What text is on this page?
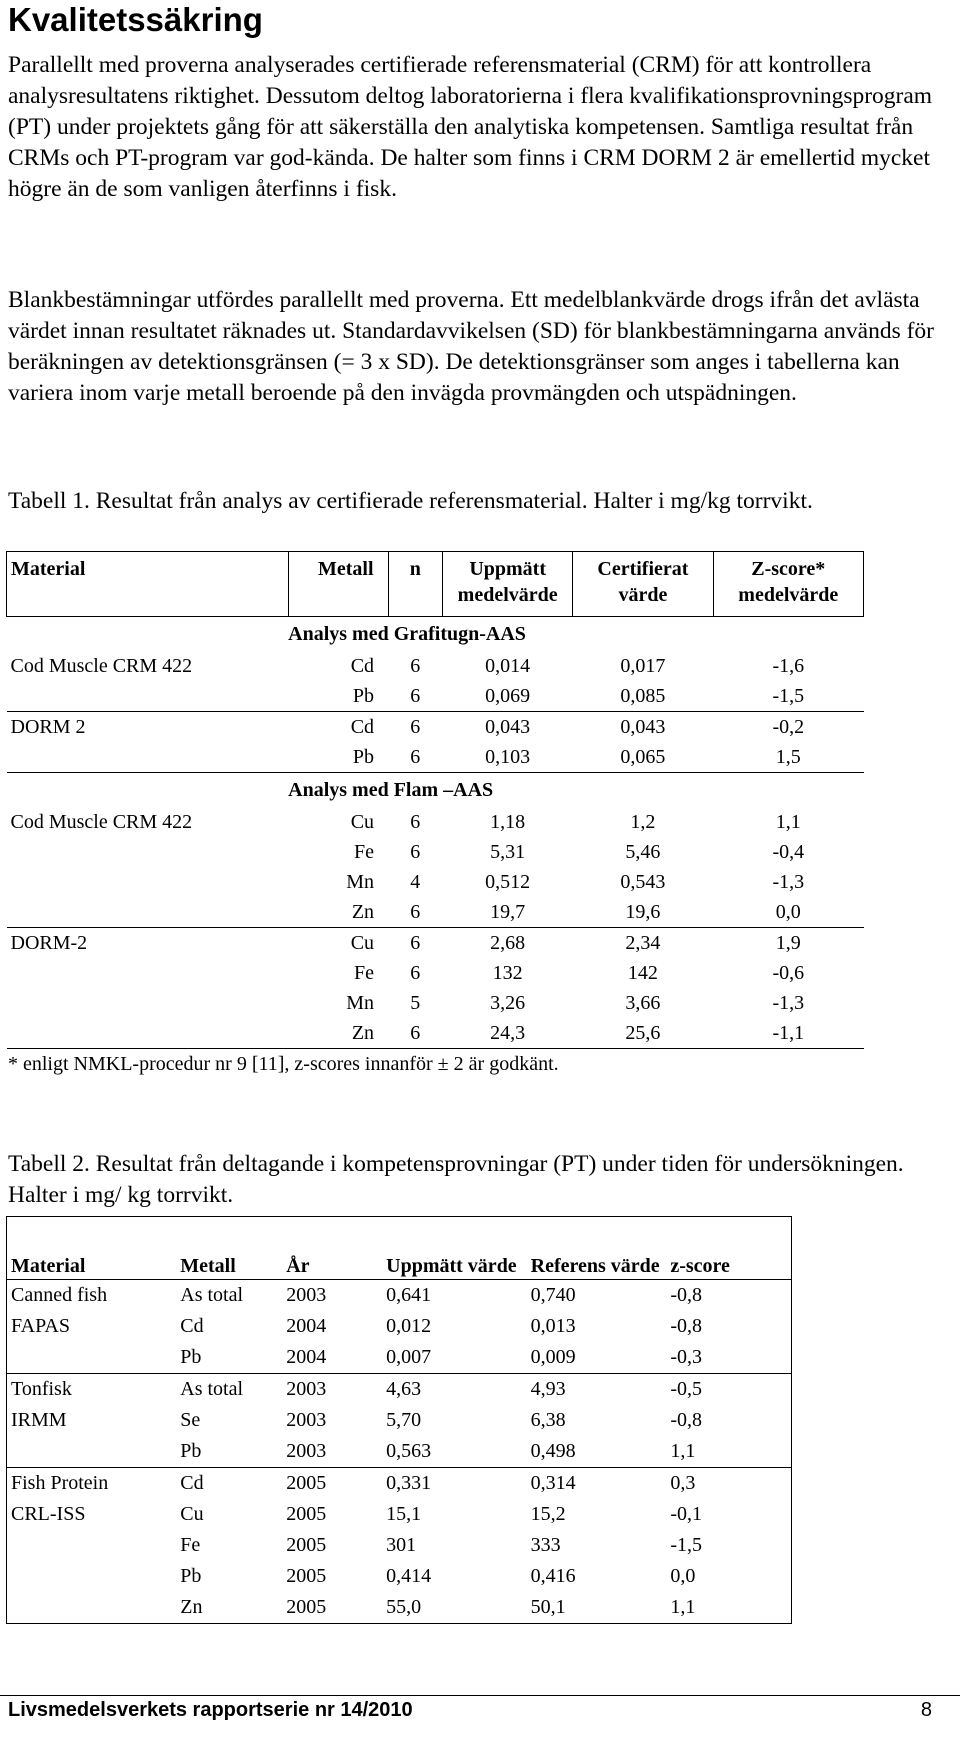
Kvalitetssäkring

Parallellt med proverna analyserades certifierade referensmaterial (CRM) för att kontrollera analysresultatens riktighet. Dessutom deltog laboratorierna i flera kvalifikationsprovningsprogram (PT) under projektets gång för att säkerställa den analytiska kompetensen. Samtliga resultat från CRMs och PT-program var god-kända. De halter som finns i CRM DORM 2 är emellertid mycket högre än de som vanligen återfinns i fisk.

Blankbestämningar utfördes parallellt med proverna. Ett medelblankvärde drogs ifrån det avlästa värdet innan resultatet räknades ut. Standardavvikelsen (SD) för blankbestämningarna används för beräkningen av detektionsgränsen (= 3 x SD). De detektionsgränser som anges i tabellerna kan variera inom varje metall beroende på den invägda provmängden och utspädningen.

Tabell 1. Resultat från analys av certifierade referensmaterial. Halter i mg/kg torrvikt.

Material	Metall	n	Uppmätt medelvärde	Certifierat värde	Z-score* medelvärde
	Analys med Grafitugn-AAS				
Cod Muscle CRM 422	Cd	6	0,014	0,017	-1,6
	Pb	6	0,069	0,085	-1,5
DORM 2	Cd	6	0,043	0,043	-0,2
	Pb	6	0,103	0,065	1,5
	Analys med Flam –AAS				
Cod Muscle CRM 422	Cu	6	1,18	1,2	1,1
	Fe	6	5,31	5,46	-0,4
	Mn	4	0,512	0,543	-1,3
	Zn	6	19,7	19,6	0,0
DORM-2	Cu	6	2,68	2,34	1,9
	Fe	6	132	142	-0,6
	Mn	5	3,26	3,66	-1,3
	Zn	6	24,3	25,6	-1,1

* enligt NMKL-procedur nr 9 [11], z-scores innanför ± 2 är godkänt.

Tabell 2. Resultat från deltagande i kompetensprovningar (PT) under tiden för undersökningen. Halter i mg/ kg torrvikt.

Material	Metall	År	Uppmätt värde	Referens värde	z-score
Canned fish	As total	2003	0,641	0,740	-0,8
FAPAS	Cd	2004	0,012	0,013	-0,8
	Pb	2004	0,007	0,009	-0,3
Tonfisk	As total	2003	4,63	4,93	-0,5
IRMM	Se	2003	5,70	6,38	-0,8
	Pb	2003	0,563	0,498	1,1
Fish Protein	Cd	2005	0,331	0,314	0,3
CRL-ISS	Cu	2005	15,1	15,2	-0,1
	Fe	2005	301	333	-1,5
	Pb	2005	0,414	0,416	0,0
	Zn	2005	55,0	50,1	1,1
Livsmedelsverkets rapportserie nr 14/2010	8
